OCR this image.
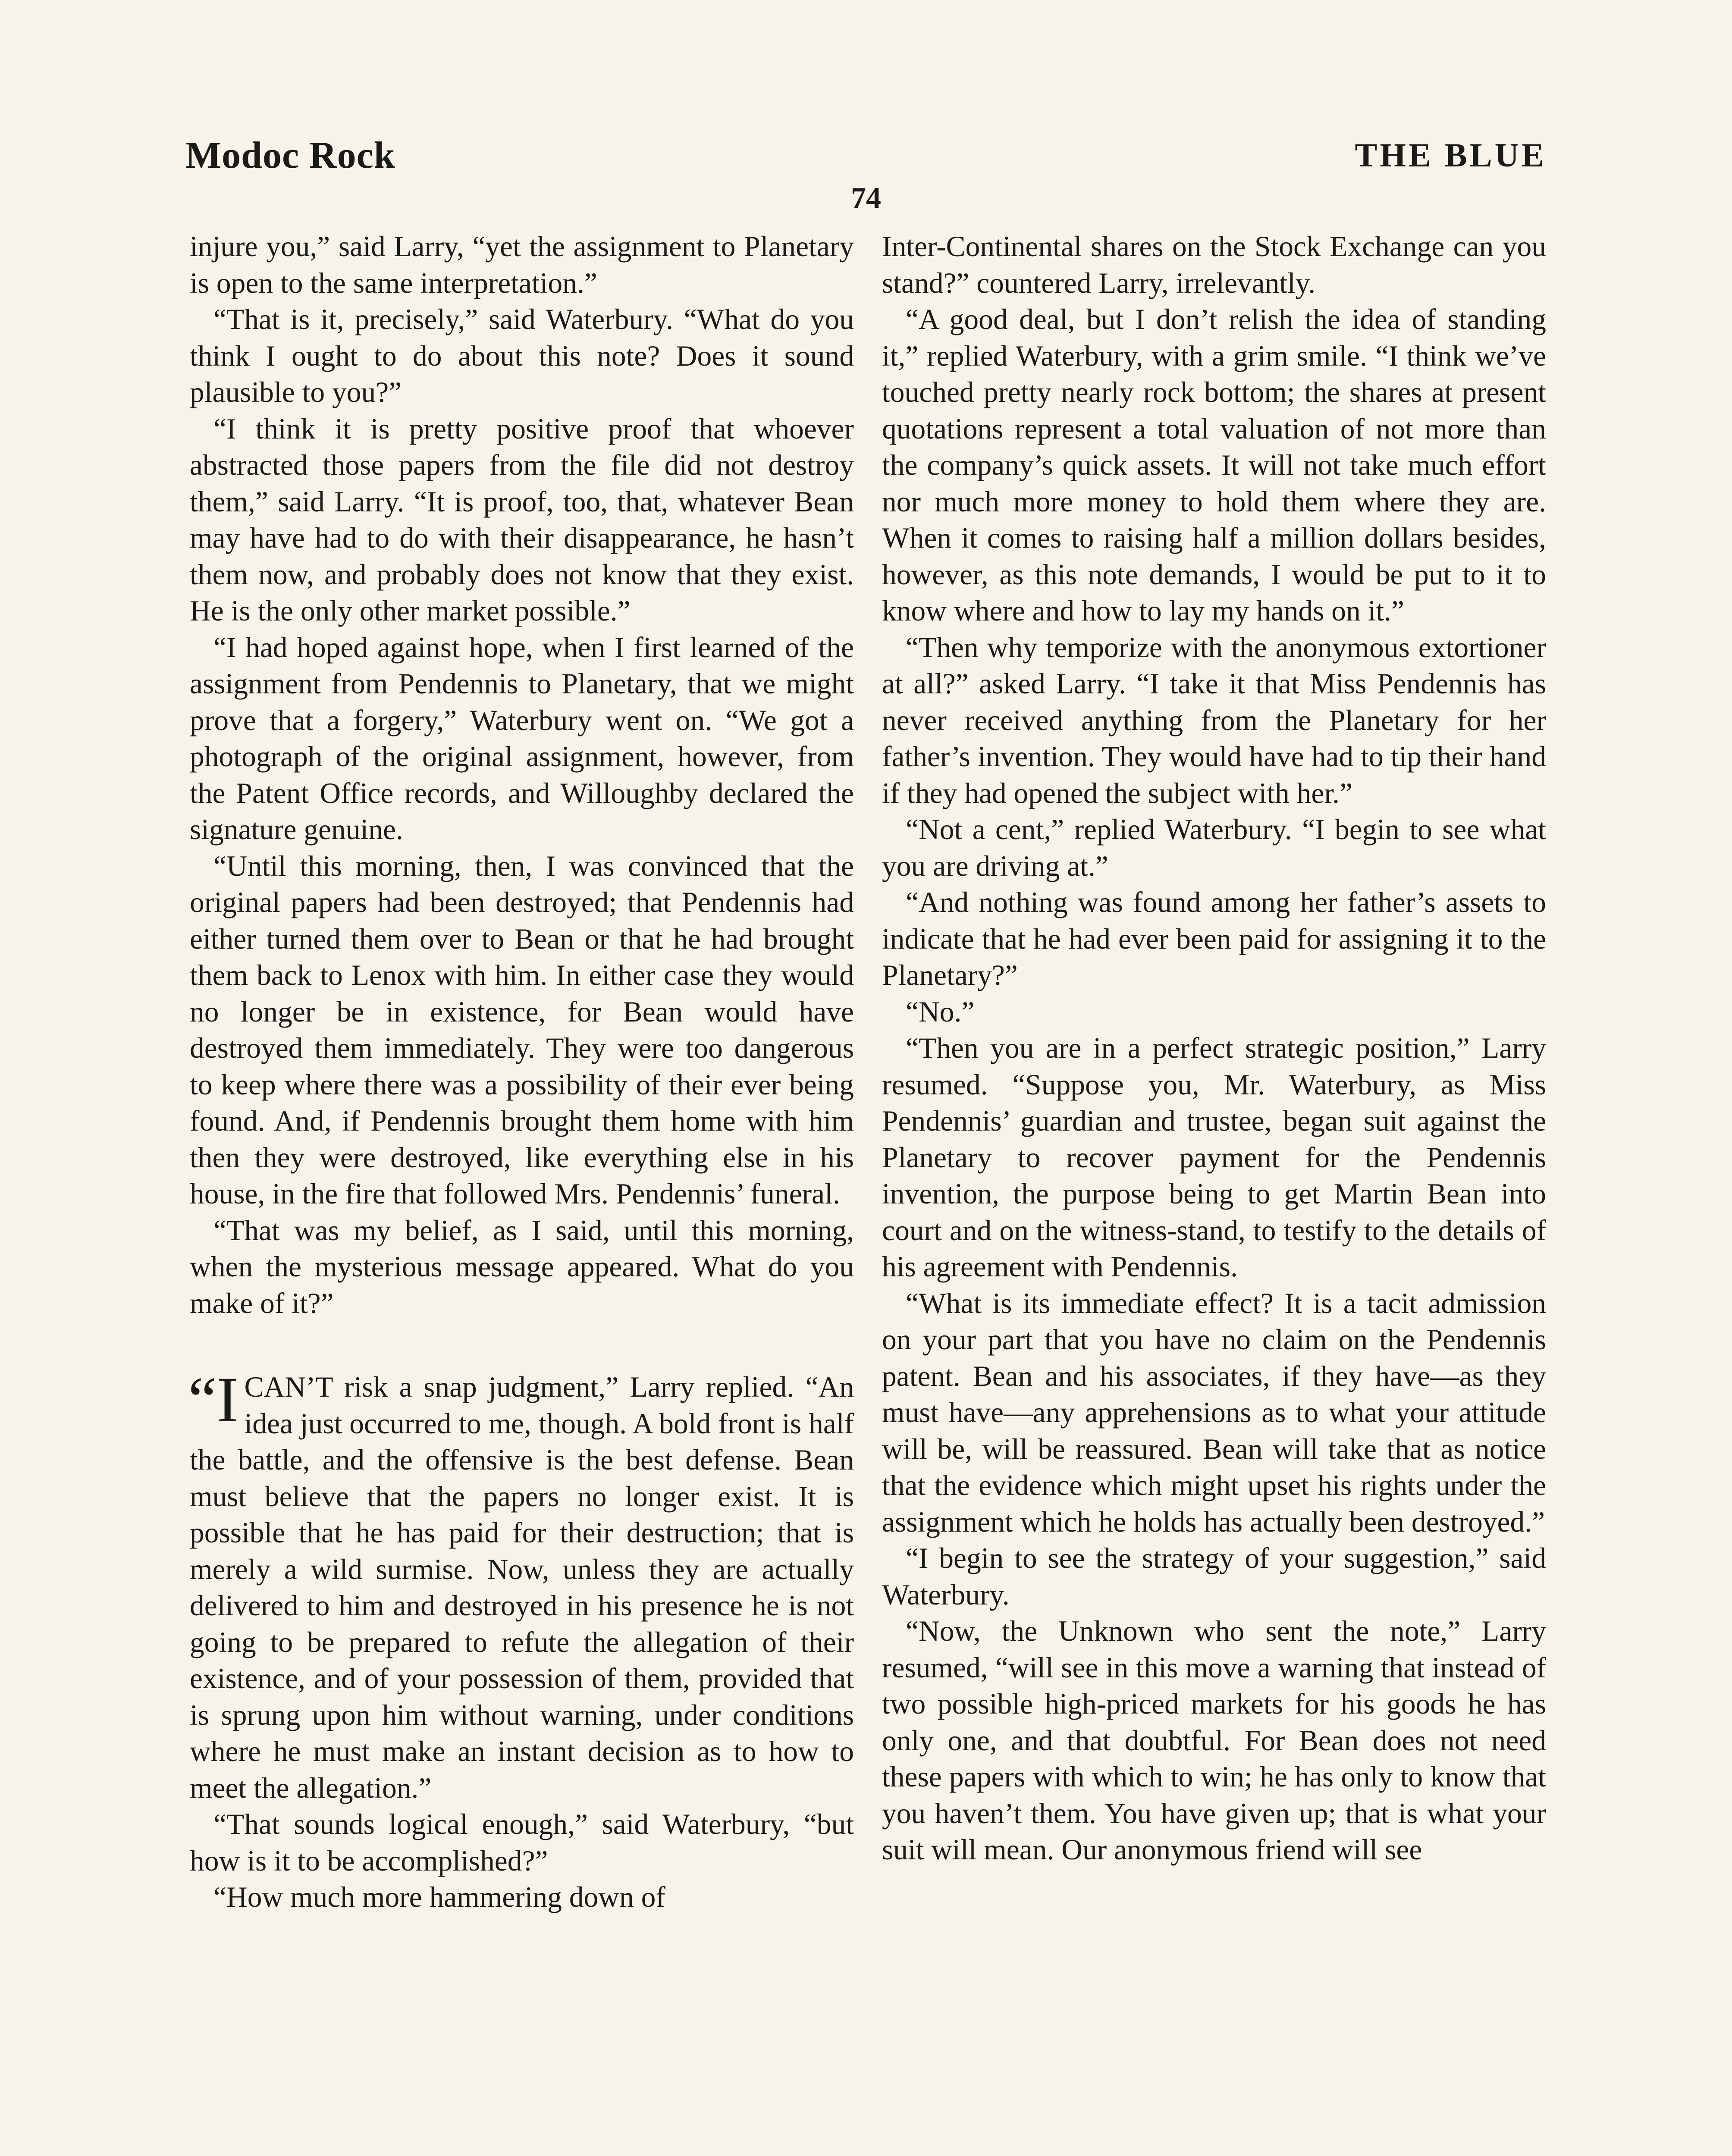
Modoc Rock	THE BLUE
74

injure you,” said Larry, “yet the assignment to Planetary is open to the same interpretation.”

“That is it, precisely,” said Waterbury. “What do you think I ought to do about this note? Does it sound plausible to you?”

“I think it is pretty positive proof that whoever abstracted those papers from the file did not destroy them,” said Larry. “It is proof, too, that, whatever Bean may have had to do with their disappearance, he hasn’t them now, and probably does not know that they exist. He is the only other market possible.”

“I had hoped against hope, when I first learned of the assignment from Pendennis to Planetary, that we might prove that a forgery,” Waterbury went on. “We got a photograph of the original assignment, however, from the Patent Office records, and Willoughby declared the signature genuine.

“Until this morning, then, I was convinced that the original papers had been destroyed; that Pendennis had either turned them over to Bean or that he had brought them back to Lenox with him. In either case they would no longer be in existence, for Bean would have destroyed them immediately. They were too dangerous to keep where there was a possibility of their ever being found. And, if Pendennis brought them home with him then they were destroyed, like everything else in his house, in the fire that followed Mrs. Pendennis’ funeral.

“That was my belief, as I said, until this morning, when the mysterious message appeared. What do you make of it?”

“I CAN’T risk a snap judgment,” Larry replied. “An idea just occurred to me, though. A bold front is half the battle, and the offensive is the best defense. Bean must believe that the papers no longer exist. It is possible that he has paid for their destruction; that is merely a wild surmise. Now, unless they are actually delivered to him and destroyed in his presence he is not going to be prepared to refute the allegation of their existence, and of your possession of them, provided that is sprung upon him without warning, under conditions where he must make an instant decision as to how to meet the allegation.”

“That sounds logical enough,” said Waterbury, “but how is it to be accomplished?”

“How much more hammering down of

Inter-Continental shares on the Stock Exchange can you stand?” countered Larry, irrelevantly.

“A good deal, but I don’t relish the idea of standing it,” replied Waterbury, with a grim smile. “I think we’ve touched pretty nearly rock bottom; the shares at present quotations represent a total valuation of not more than the company’s quick assets. It will not take much effort nor much more money to hold them where they are. When it comes to raising half a million dollars besides, however, as this note demands, I would be put to it to know where and how to lay my hands on it.”

“Then why temporize with the anonymous extortioner at all?” asked Larry. “I take it that Miss Pendennis has never received anything from the Planetary for her father’s invention. They would have had to tip their hand if they had opened the subject with her.”

“Not a cent,” replied Waterbury. “I begin to see what you are driving at.”

“And nothing was found among her father’s assets to indicate that he had ever been paid for assigning it to the Planetary?”

“No.”

“Then you are in a perfect strategic position,” Larry resumed. “Suppose you, Mr. Waterbury, as Miss Pendennis’ guardian and trustee, began suit against the Planetary to recover payment for the Pendennis invention, the purpose being to get Martin Bean into court and on the witness-stand, to testify to the details of his agreement with Pendennis.

“What is its immediate effect? It is a tacit admission on your part that you have no claim on the Pendennis patent. Bean and his associates, if they have—as they must have—any apprehensions as to what your attitude will be, will be reassured. Bean will take that as notice that the evidence which might upset his rights under the assignment which he holds has actually been destroyed.”

“I begin to see the strategy of your suggestion,” said Waterbury.

“Now, the Unknown who sent the note,” Larry resumed, “will see in this move a warning that instead of two possible high-priced markets for his goods he has only one, and that doubtful. For Bean does not need these papers with which to win; he has only to know that you haven’t them. You have given up; that is what your suit will mean. Our anonymous friend will see
